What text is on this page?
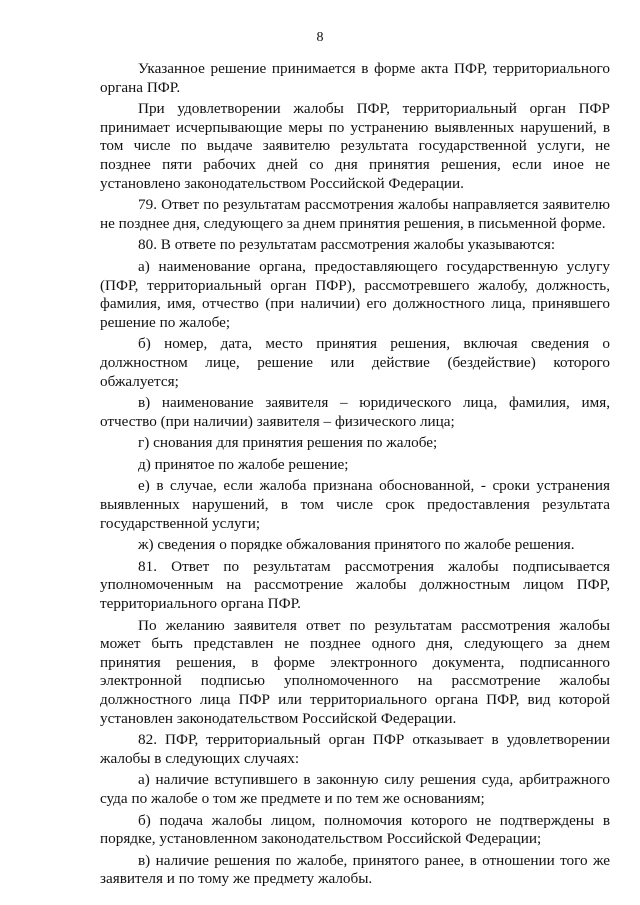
8

Указанное решение принимается в форме акта ПФР, территориального органа ПФР.

При удовлетворении жалобы ПФР, территориальный орган ПФР принимает исчерпывающие меры по устранению выявленных нарушений, в том числе по выдаче заявителю результата государственной услуги, не позднее пяти рабочих дней со дня принятия решения, если иное не установлено законодательством Российской Федерации.

79. Ответ по результатам рассмотрения жалобы направляется заявителю не позднее дня, следующего за днем принятия решения, в письменной форме.

80. В ответе по результатам рассмотрения жалобы указываются:

а) наименование органа, предоставляющего государственную услугу (ПФР, территориальный орган ПФР), рассмотревшего жалобу, должность, фамилия, имя, отчество (при наличии) его должностного лица, принявшего решение по жалобе;

б) номер, дата, место принятия решения, включая сведения о должностном лице, решение или действие (бездействие) которого обжалуется;

в) наименование заявителя – юридического лица, фамилия, имя, отчество (при наличии) заявителя – физического лица;

г) снования для принятия решения по жалобе;

д) принятое по жалобе решение;

е) в случае, если жалоба признана обоснованной, - сроки устранения выявленных нарушений, в том числе срок предоставления результата государственной услуги;

ж) сведения о порядке обжалования принятого по жалобе решения.

81. Ответ по результатам рассмотрения жалобы подписывается уполномоченным на рассмотрение жалобы должностным лицом ПФР, территориального органа ПФР.

По желанию заявителя ответ по результатам рассмотрения жалобы может быть представлен не позднее одного дня, следующего за днем принятия решения, в форме электронного документа, подписанного электронной подписью уполномоченного на рассмотрение жалобы должностного лица ПФР или территориального органа ПФР, вид которой установлен законодательством Российской Федерации.

82. ПФР, территориальный орган ПФР отказывает в удовлетворении жалобы в следующих случаях:

а) наличие вступившего в законную силу решения суда, арбитражного суда по жалобе о том же предмете и по тем же основаниям;

б) подача жалобы лицом, полномочия которого не подтверждены в порядке, установленном законодательством Российской Федерации;

в) наличие решения по жалобе, принятого ранее, в отношении того же заявителя и по тому же предмету жалобы.
